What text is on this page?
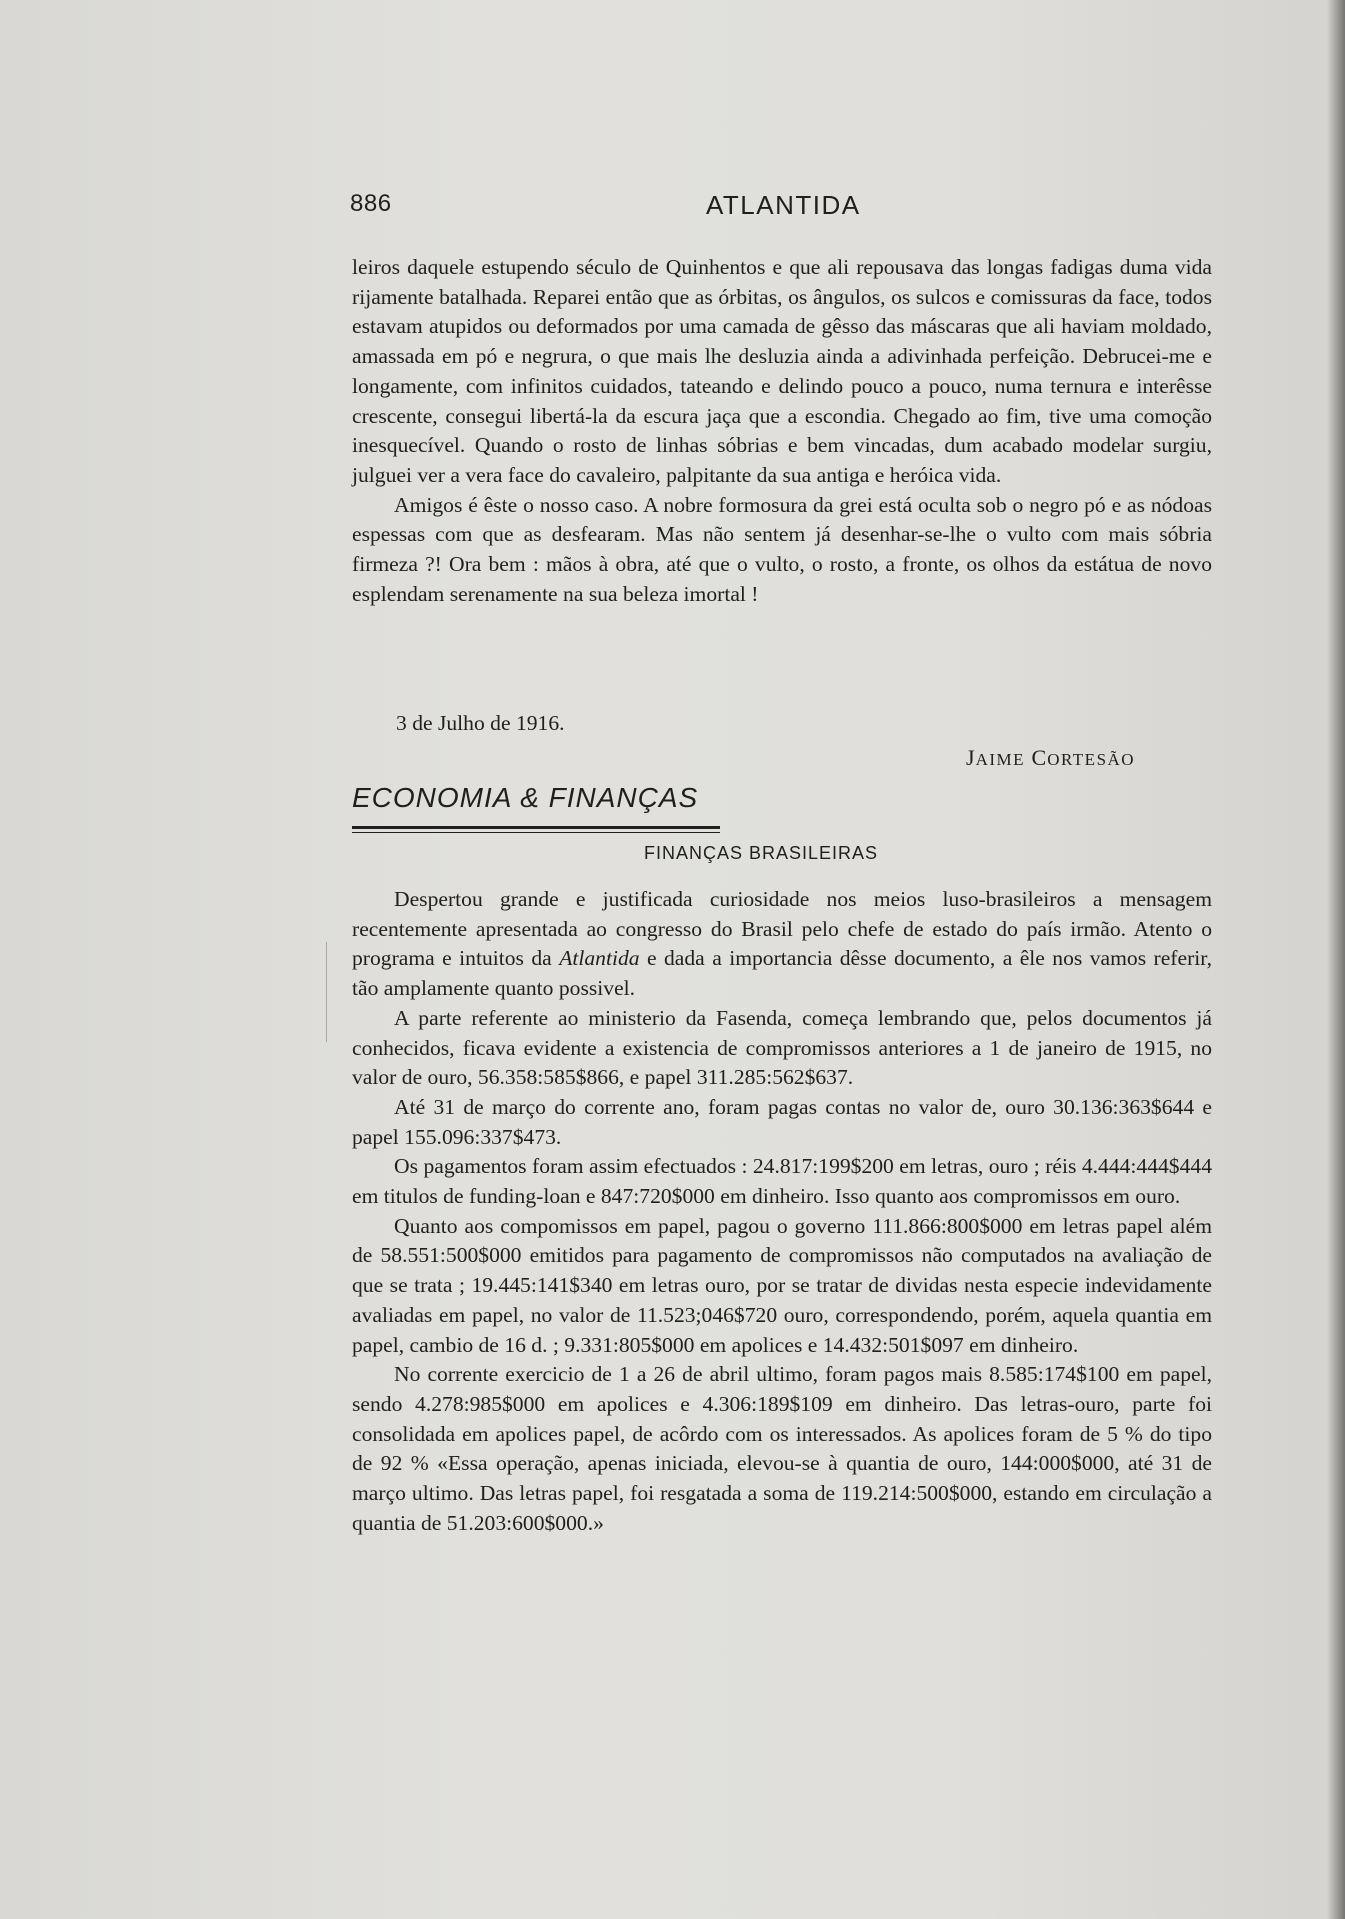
886	ATLANTIDA

leiros daquele estupendo século de Quinhentos e que ali repousava das longas fadigas duma vida rijamente batalhada. Reparei então que as órbitas, os ângulos, os sulcos e comissuras da face, todos estavam atupidos ou deformados por uma camada de gêsso das máscaras que ali haviam moldado, amassada em pó e negrura, o que mais lhe desluzia ainda a adivinhada perfeição. Debrucei-me e longamente, com infinitos cuidados, tateando e delindo pouco a pouco, numa ternura e interêsse crescente, consegui libertá-la da escura jaça que a escondia. Chegado ao fim, tive uma comoção inesquecível. Quando o rosto de linhas sóbrias e bem vincadas, dum acabado modelar surgiu, julguei ver a vera face do cavaleiro, palpitante da sua antiga e heróica vida.

Amigos é êste o nosso caso. A nobre formosura da grei está oculta sob o negro pó e as nódoas espessas com que as desfearam. Mas não sentem já desenhar-se-lhe o vulto com mais sóbria firmeza ?! Ora bem : mãos à obra, até que o vulto, o rosto, a fronte, os olhos da estátua de novo esplendam serenamente na sua beleza imortal !

3 de Julho de 1916.
JAIME CORTESÃO
ECONOMIA & FINANÇAS
FINANÇAS BRASILEIRAS

Despertou grande e justificada curiosidade nos meios luso-brasileiros a mensagem recentemente apresentada ao congresso do Brasil pelo chefe de estado do país irmão. Atento o programa e intuitos da Atlantida e dada a importancia dêsse documento, a êle nos vamos referir, tão amplamente quanto possivel.

A parte referente ao ministerio da Fasenda, começa lembrando que, pelos documentos já conhecidos, ficava evidente a existencia de compromissos anteriores a 1 de janeiro de 1915, no valor de ouro, 56.358:585$866, e papel 311.285:562$637.

Até 31 de março do corrente ano, foram pagas contas no valor de, ouro 30.136:363$644 e papel 155.096:337$473.

Os pagamentos foram assim efectuados : 24.817:199$200 em letras, ouro ; réis 4.444:444$444 em titulos de funding-loan e 847:720$000 em dinheiro. Isso quanto aos compromissos em ouro.

Quanto aos compomissos em papel, pagou o governo 111.866:800$000 em letras papel além de 58.551:500$000 emitidos para pagamento de compromissos não computados na avaliação de que se trata ; 19.445:141$340 em letras ouro, por se tratar de dividas nesta especie indevidamente avaliadas em papel, no valor de 11.523;046$720 ouro, correspondendo, porém, aquela quantia em papel, cambio de 16 d. ; 9.331:805$000 em apolices e 14.432:501$097 em dinheiro.

No corrente exercicio de 1 a 26 de abril ultimo, foram pagos mais 8.585:174$100 em papel, sendo 4.278:985$000 em apolices e 4.306:189$109 em dinheiro. Das letras-ouro, parte foi consolidada em apolices papel, de acôrdo com os interessados. As apolices foram de 5 % do tipo de 92 % «Essa operação, apenas iniciada, elevou-se à quantia de ouro, 144:000$000, até 31 de março ultimo. Das letras papel, foi resgatada a soma de 119.214:500$000, estando em circulação a quantia de 51.203:600$000.»
